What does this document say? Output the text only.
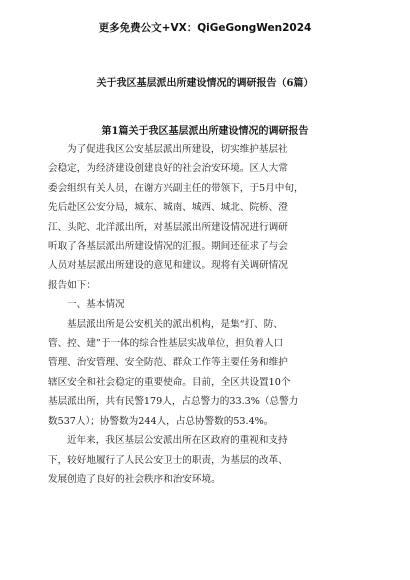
更多免费公文+VX：QiGeGongWen2024
关于我区基层派出所建设情况的调研报告（6篇）
第1篇关于我区基层派出所建设情况的调研报告
为了促进我区公安基层派出所建设，切实维护基层社
会稳定，为经济建设创建良好的社会治安环境。区人大常
委会组织有关人员，在谢方兴副主任的带领下，于5月中旬，
先后赴区公安分局，城东、城南、城西、城北、院桥、澄
江、头陀、北洋派出所，对基层派出所建设情况进行调研
听取了各基层派出所建设情况的汇报。期间还征求了与会
人员对基层派出所建设的意见和建议。现将有关调研情况
报告如下：
一、基本情况
基层派出所是公安机关的派出机构，是集“打、防、
管、控、建”于一体的综合性基层实战单位，担负着人口
管理、治安管理、安全防范、群众工作等主要任务和维护
辖区安全和社会稳定的重要使命。目前，全区共设置10个
基层派出所，共有民警179人，占总警力的33.3%（总警力
数537人）；协警数为244人，占总协警数的53.4%。
近年来，我区基层公安派出所在区政府的重视和支持
下，较好地履行了人民公安卫士的职责，为基层的改革、
发展创造了良好的社会秩序和治安环境。
